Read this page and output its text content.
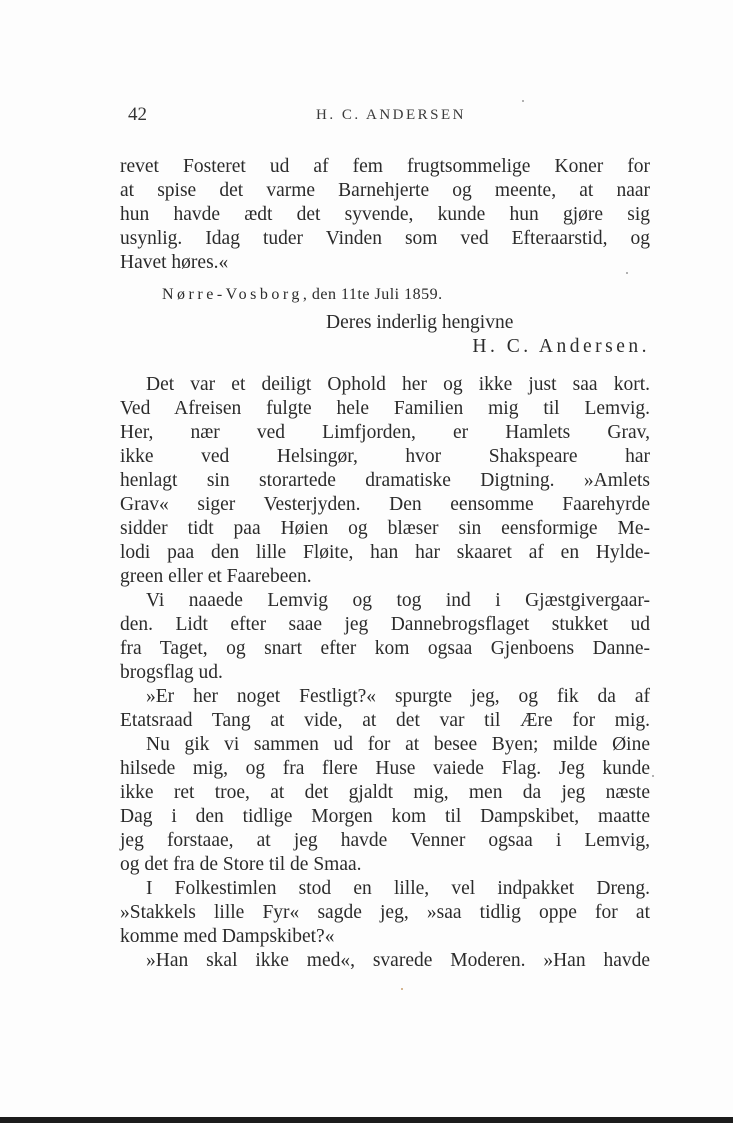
42	H. C. ANDERSEN
revet Fosteret ud af fem frugtsommelige Koner for
at spise det varme Barnehjerte og meente, at naar
hun havde ædt det syvende, kunde hun gjøre sig
usynlig. Idag tuder Vinden som ved Efteraarstid, og
Havet høres.«
Nørre-Vosborg, den 11te Juli 1859.
Deres inderlig hengivne
H. C. Andersen.
Det var et deiligt Ophold her og ikke just saa kort.
Ved Afreisen fulgte hele Familien mig til Lemvig.
Her, nær ved Limfjorden, er Hamlets Grav,
ikke ved Helsingør, hvor Shakspeare har
henlagt sin storartede dramatiske Digtning. »Amlets
Grav« siger Vesterjyden. Den eensomme Faarehyrde
sidder tidt paa Høien og blæser sin eensformige Me-
lodi paa den lille Fløite, han har skaaret af en Hylde-
green eller et Faarebeen.
Vi naaede Lemvig og tog ind i Gjæstgivergaar-
den. Lidt efter saae jeg Dannebrogsflaget stukket ud
fra Taget, og snart efter kom ogsaa Gjenboens Danne-
brogsflag ud.
»Er her noget Festligt?« spurgte jeg, og fik da af
Etatsraad Tang at vide, at det var til Ære for mig.
Nu gik vi sammen ud for at besee Byen; milde Øine
hilsede mig, og fra flere Huse vaiede Flag. Jeg kunde
ikke ret troe, at det gjaldt mig, men da jeg næste
Dag i den tidlige Morgen kom til Dampskibet, maatte
jeg forstaae, at jeg havde Venner ogsaa i Lemvig,
og det fra de Store til de Smaa.
I Folkestimlen stod en lille, vel indpakket Dreng.
»Stakkels lille Fyr« sagde jeg, »saa tidlig oppe for at
komme med Dampskibet?«
»Han skal ikke med«, svarede Moderen. »Han havde
